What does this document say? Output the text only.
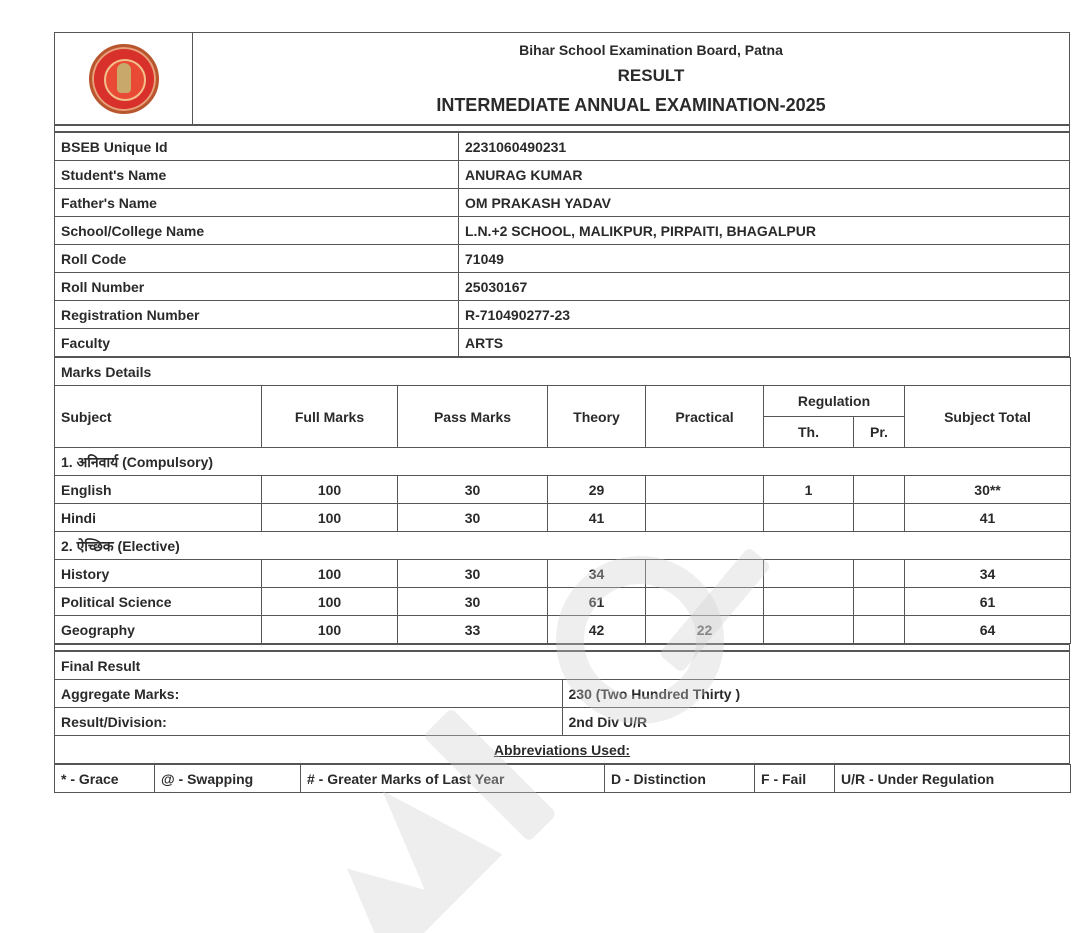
Bihar School Examination Board, Patna
RESULT
INTERMEDIATE ANNUAL EXAMINATION-2025
BSEB Unique Id	2231060490231
Student's Name	ANURAG KUMAR
Father's Name	OM PRAKASH YADAV
School/College Name	L.N.+2 SCHOOL, MALIKPUR, PIRPAITI, BHAGALPUR
Roll Code	71049
Roll Number	25030167
Registration Number	R-710490277-23
Faculty	ARTS
Marks Details							
Subject	Full Marks	Pass Marks	Theory	Practical	Regulation		Subject Total
					Th.	Pr.	
1. अनिवार्य (Compulsory)							
English	100	30	29		1		30**
Hindi	100	30	41				41
2. ऐच्छिक (Elective)							
History	100	30	34				34
Political Science	100	30	61				61
Geography	100	33	42	22			64
Final Result	
Aggregate Marks:	230 (Two Hundred Thirty )
Result/Division:	2nd Div U/R
Abbreviations Used:	
* - Grace	@ - Swapping	# - Greater Marks of Last Year	D - Distinction	F - Fail	U/R - Under Regulation
